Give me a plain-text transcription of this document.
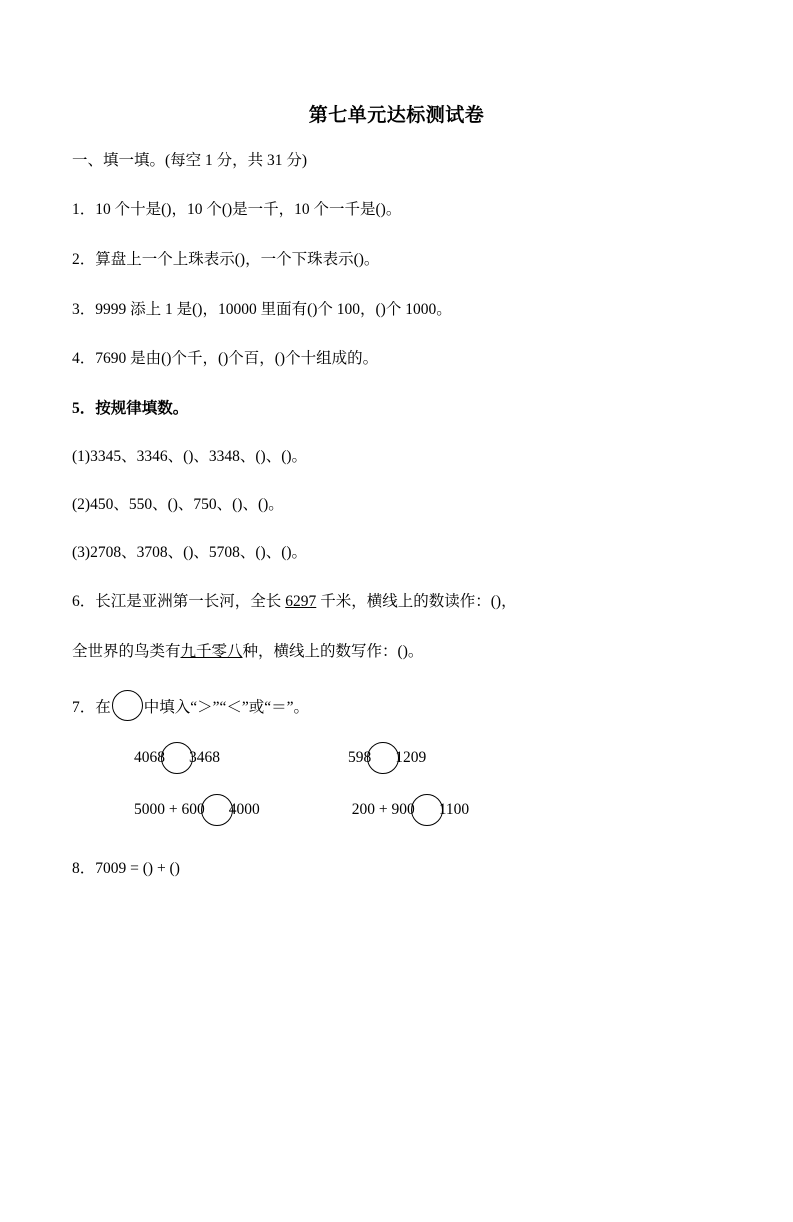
第七单元达标测试卷
一、填一填。(每空 1 分，共 31 分)
1．10 个十是()，10 个()是一千，10 个一千是()。
2．算盘上一个上珠表示()，一个下珠表示()。
3．9999 添上 1 是()，10000 里面有()个 100，()个 1000。
4．7690 是由()个千，()个百，()个十组成的。
5．按规律填数。
(1)3345、3346、()、3348、()、()。
(2)450、550、()、750、()、()。
(3)2708、3708、()、5708、()、()。
6．长江是亚洲第一长河，全长 6297 千米，横线上的数读作：()，
全世界的鸟类有九千零八种，横线上的数写作：()。
7．在 中填入“＞”“＜”或“＝”。
4068 3468	598 1209
5000 + 600 4000	200 + 900 1100
8．7009 = () + ()
